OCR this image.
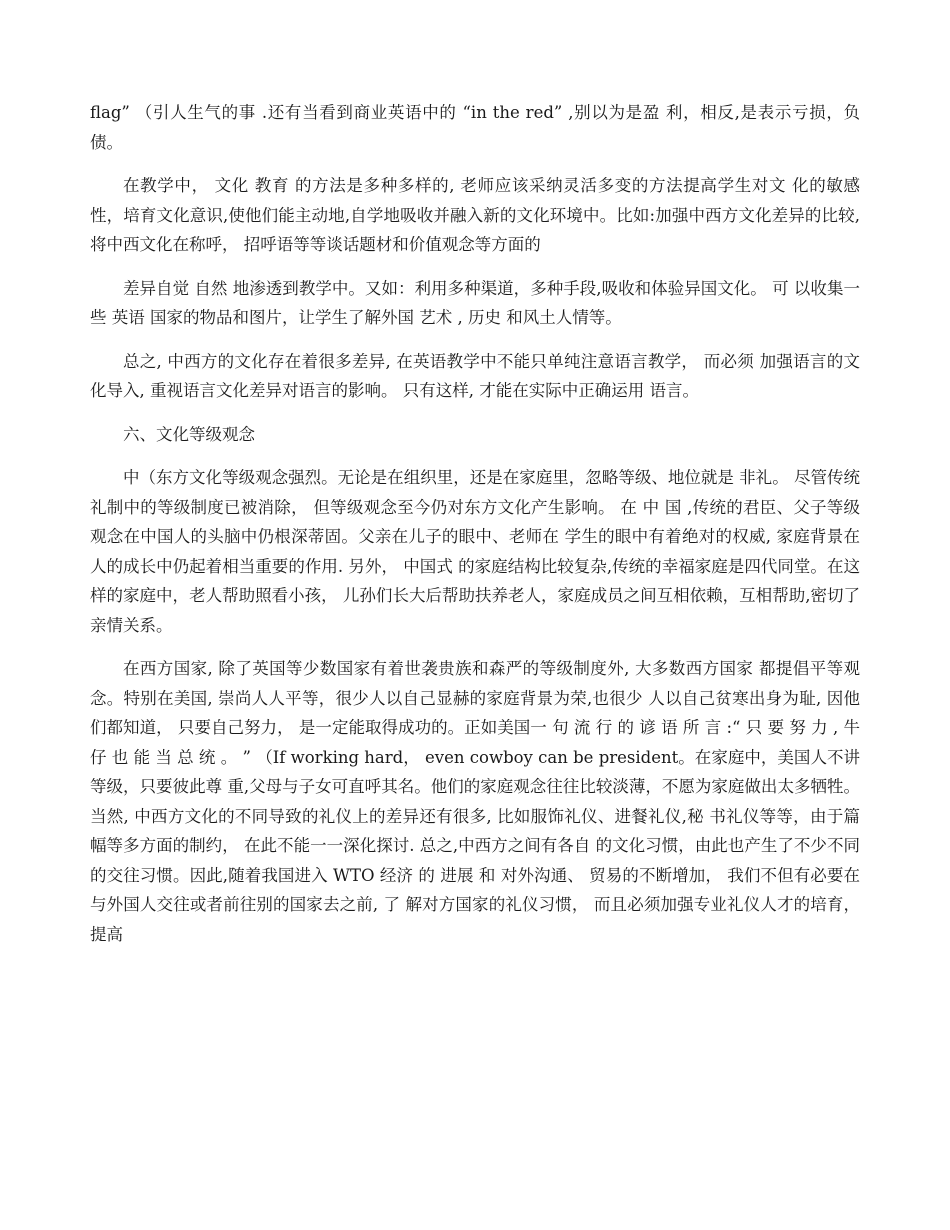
flag” （引人生气的事 .还有当看到商业英语中的 “in the red” ,别以为是盈 利，相反,是表示亏损，负债。

在教学中， 文化 教育 的方法是多种多样的, 老师应该采纳灵活多变的方法提高学生对文 化的敏感性，培育文化意识,使他们能主动地,自学地吸收并融入新的文化环境中。比如:加强中西方文化差异的比较, 将中西文化在称呼， 招呼语等等谈话题材和价值观念等方面的

差异自觉 自然 地渗透到教学中。又如：利用多种渠道，多种手段,吸收和体验异国文化。 可 以收集一些 英语 国家的物品和图片，让学生了解外国 艺术 , 历史 和风土人情等。

总之, 中西方的文化存在着很多差异, 在英语教学中不能只单纯注意语言教学， 而必须 加强语言的文化导入, 重视语言文化差异对语言的影响。 只有这样, 才能在实际中正确运用 语言。

六、文化等级观念

中（东方文化等级观念强烈。无论是在组织里，还是在家庭里，忽略等级、地位就是 非礼。 尽管传统礼制中的等级制度已被消除， 但等级观念至今仍对东方文化产生影响。 在 中 国 ,传统的君臣、父子等级观念在中国人的头脑中仍根深蒂固。父亲在儿子的眼中、老师在 学生的眼中有着绝对的权威, 家庭背景在人的成长中仍起着相当重要的作用. 另外， 中国式 的家庭结构比较复杂,传统的幸福家庭是四代同堂。在这样的家庭中，老人帮助照看小孩， 儿孙们长大后帮助扶养老人，家庭成员之间互相依赖，互相帮助,密切了亲情关系。

在西方国家, 除了英国等少数国家有着世袭贵族和森严的等级制度外, 大多数西方国家 都提倡平等观念。特别在美国, 崇尚人人平等，很少人以自己显赫的家庭背景为荣,也很少 人以自己贫寒出身为耻, 因他们都知道， 只要自己努力， 是一定能取得成功的。正如美国一 句 流 行 的 谚 语 所 言 :“ 只 要 努 力 , 牛 仔 也 能 当 总 统 。 ” （If working hard， even cowboy can be president。在家庭中，美国人不讲等级，只要彼此尊 重,父母与子女可直呼其名。他们的家庭观念往往比较淡薄，不愿为家庭做出太多牺牲。 当然, 中西方文化的不同导致的礼仪上的差异还有很多, 比如服饰礼仪、进餐礼仪,秘 书礼仪等等，由于篇幅等多方面的制约， 在此不能一一深化探讨. 总之,中西方之间有各自 的文化习惯，由此也产生了不少不同的交往习惯。因此,随着我国进入 WTO 经济 的 进展 和 对外沟通、 贸易的不断增加， 我们不但有必要在与外国人交往或者前往别的国家去之前, 了 解对方国家的礼仪习惯， 而且必须加强专业礼仪人才的培育， 提高
